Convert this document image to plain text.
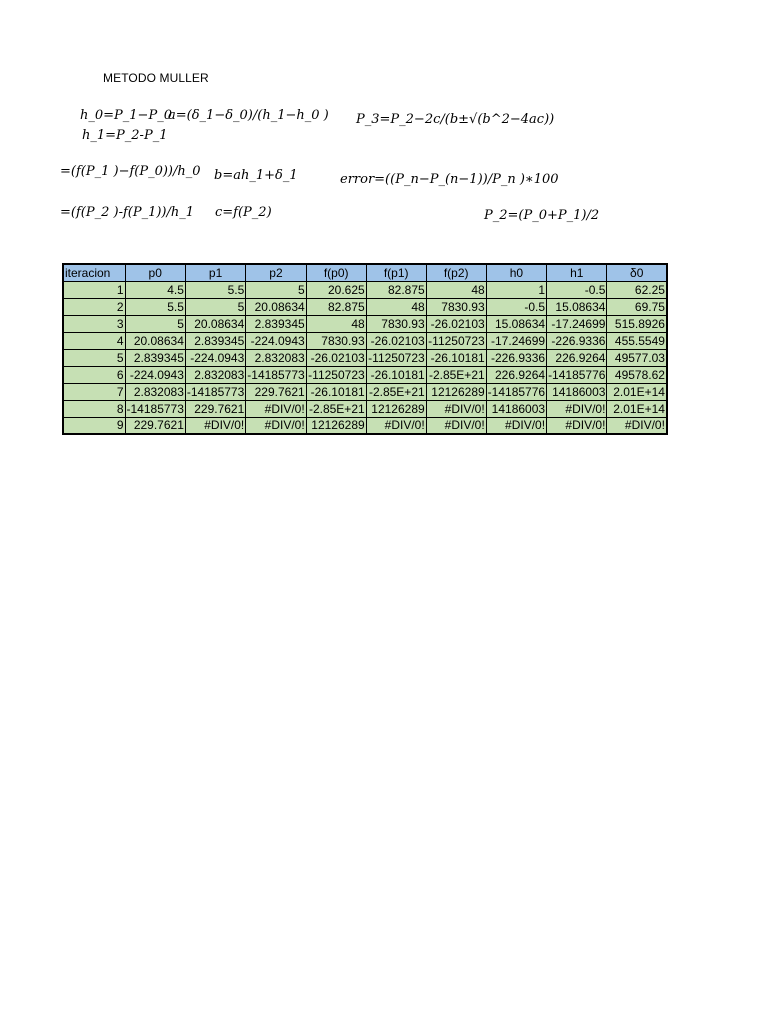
METODO MULLER
h_0=P_1−P_0
a=(δ_1−δ_0)/(h_1−h_0 ) P_3=P_2−2c/(b±√(b^2−4ac))
h_1=P_2-P_1
=(f(P_1 )−f(P_0))/h_0 b=ah_1+δ_1	error=((P_n−P_(n−1))/P_n )∗100
=(f(P_2 )-f(P_1))/h_1 c=f(P_2)	P_2=(P_0+P_1)/2
iteracion	p0	p1	p2	f(p0)	f(p1)	f(p2)	h0	h1	δ0
1	4.5	5.5	5	20.625	82.875	48	1	-0.5	62.25
2	5.5	5	20.08634	82.875	48	7830.93	-0.5	15.08634	69.75
3	5	20.08634	2.839345	48	7830.93	-26.02103	15.08634	-17.24699	515.8926
4	20.08634	2.839345	-224.0943	7830.93	-26.02103	-11250723	-17.24699	-226.9336	455.5549
5	2.839345	-224.0943	2.832083	-26.02103	-11250723	-26.10181	-226.9336	226.9264	49577.03
6	-224.0943	2.832083	-14185773	-11250723	-26.10181	-2.85E+21	226.9264	-14185776	49578.62
7	2.832083	-14185773	229.7621	-26.10181	-2.85E+21	12126289	-14185776	14186003	2.01E+14
8	-14185773	229.7621	#DIV/0!	-2.85E+21	12126289	#DIV/0!	14186003	#DIV/0!	2.01E+14
9	229.7621	#DIV/0!	#DIV/0!	12126289	#DIV/0!	#DIV/0!	#DIV/0!	#DIV/0!	#DIV/0!
